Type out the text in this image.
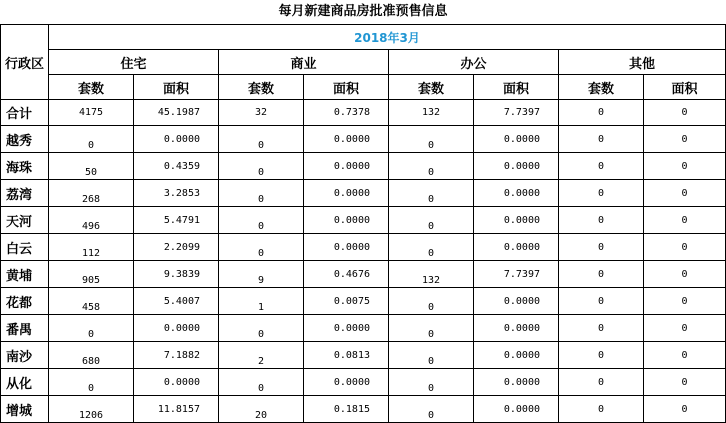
每月新建商品房批准预售信息
行政区	2018年3月							
	住宅		商业		办公		其他	
	套数	面积	套数	面积	套数	面积	套数	面积
合计	4175	45.1987	32	0.7378	132	7.7397	0	0
越秀	0	0.0000	0	0.0000	0	0.0000	0	0
海珠	50	0.4359	0	0.0000	0	0.0000	0	0
荔湾	268	3.2853	0	0.0000	0	0.0000	0	0
天河	496	5.4791	0	0.0000	0	0.0000	0	0
白云	112	2.2099	0	0.0000	0	0.0000	0	0
黄埔	905	9.3839	9	0.4676	132	7.7397	0	0
花都	458	5.4007	1	0.0075	0	0.0000	0	0
番禺	0	0.0000	0	0.0000	0	0.0000	0	0
南沙	680	7.1882	2	0.0813	0	0.0000	0	0
从化	0	0.0000	0	0.0000	0	0.0000	0	0
增城	1206	11.8157	20	0.1815	0	0.0000	0	0
